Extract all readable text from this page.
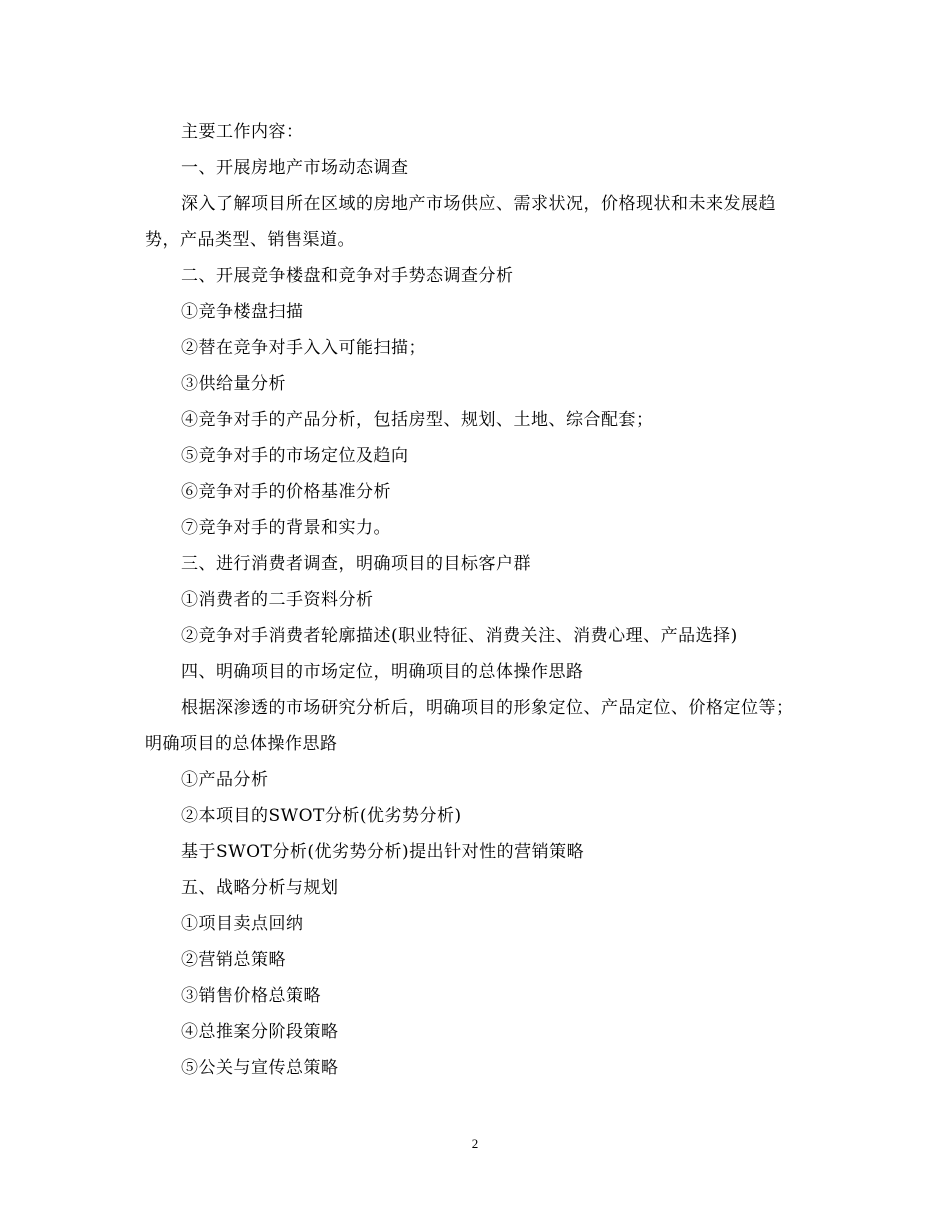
主要工作内容：

一、开展房地产市场动态调查

深入了解项目所在区域的房地产市场供应、需求状况，价格现状和未来发展趋势，产品类型、销售渠道。

二、开展竞争楼盘和竞争对手势态调查分析

①竞争楼盘扫描

②替在竞争对手入入可能扫描；

③供给量分析

④竞争对手的产品分析，包括房型、规划、土地、综合配套；

⑤竞争对手的市场定位及趋向

⑥竞争对手的价格基准分析

⑦竞争对手的背景和实力。

三、进行消费者调查，明确项目的目标客户群

①消费者的二手资料分析

②竞争对手消费者轮廓描述(职业特征、消费关注、消费心理、产品选择)

四、明确项目的市场定位，明确项目的总体操作思路

根据深渗透的市场研究分析后，明确项目的形象定位、产品定位、价格定位等；明确项目的总体操作思路

①产品分析

②本项目的SWOT分析(优劣势分析)

基于SWOT分析(优劣势分析)提出针对性的营销策略

五、战略分析与规划

①项目卖点回纳

②营销总策略

③销售价格总策略

④总推案分阶段策略

⑤公关与宣传总策略

2
